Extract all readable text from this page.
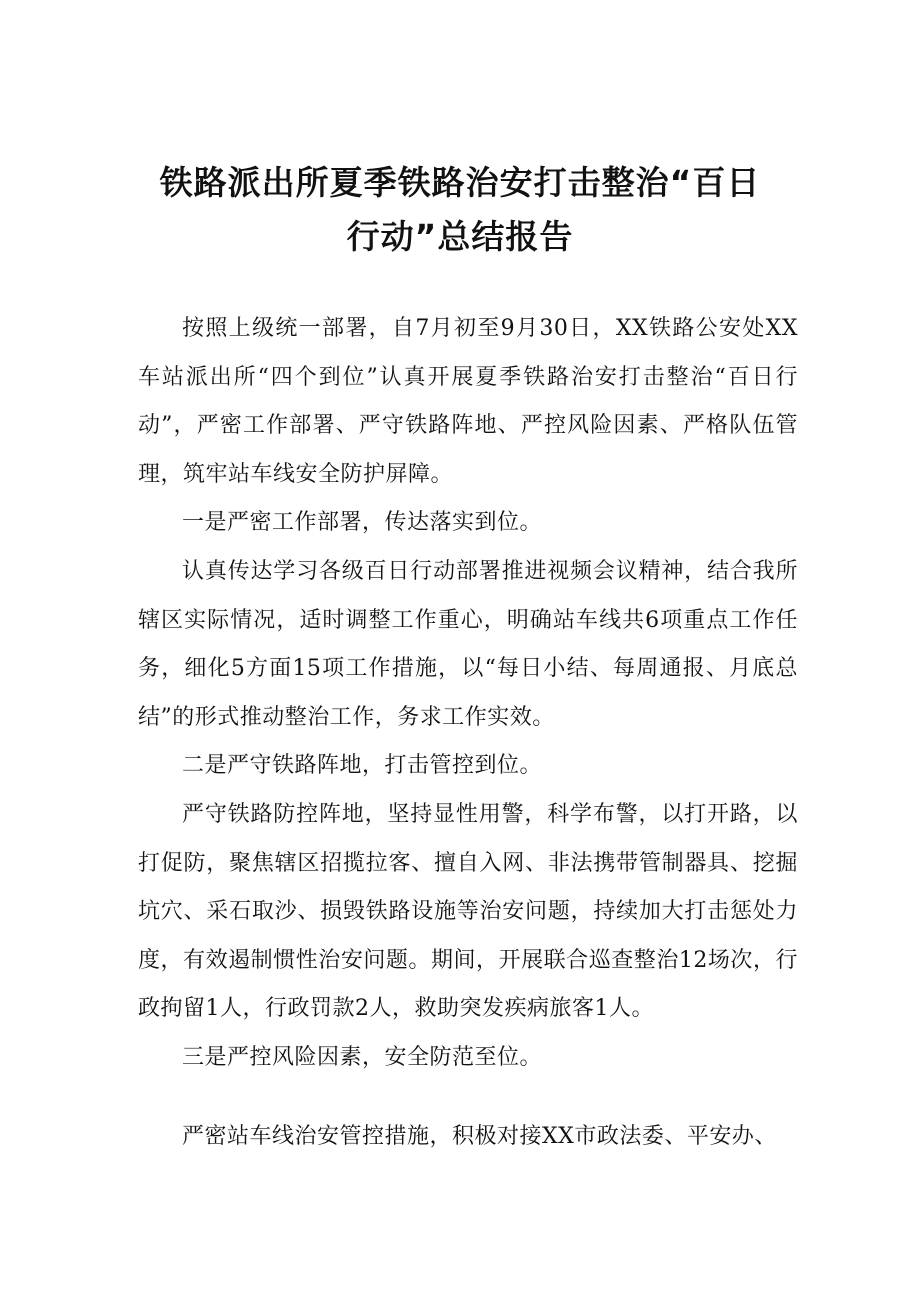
铁路派出所夏季铁路治安打击整治“百日
行动”总结报告

按照上级统一部署，自7月初至9月30日，XX铁路公安处XX车站派出所“四个到位”认真开展夏季铁路治安打击整治“百日行动”，严密工作部署、严守铁路阵地、严控风险因素、严格队伍管理，筑牢站车线安全防护屏障。

一是严密工作部署，传达落实到位。

认真传达学习各级百日行动部署推进视频会议精神，结合我所辖区实际情况，适时调整工作重心，明确站车线共6项重点工作任务，细化5方面15项工作措施，以“每日小结、每周通报、月底总结”的形式推动整治工作，务求工作实效。

二是严守铁路阵地，打击管控到位。

严守铁路防控阵地，坚持显性用警，科学布警，以打开路，以打促防，聚焦辖区招揽拉客、擅自入网、非法携带管制器具、挖掘坑穴、采石取沙、损毁铁路设施等治安问题，持续加大打击惩处力度，有效遏制惯性治安问题。期间，开展联合巡查整治12场次，行政拘留1人，行政罚款2人，救助突发疾病旅客1人。

三是严控风险因素，安全防范至位。

严密站车线治安管控措施，积极对接XX市政法委、平安办、
